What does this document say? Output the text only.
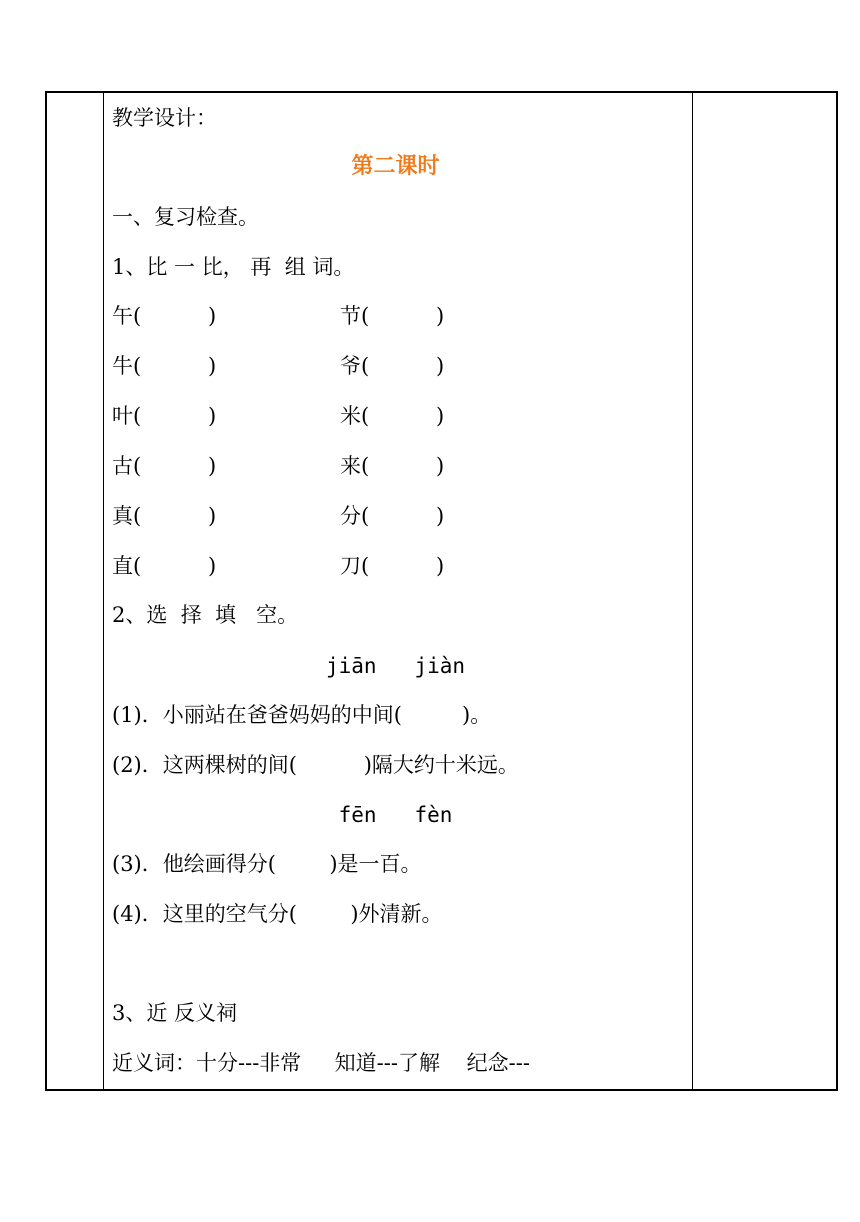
教学设计：
第二课时
一、复习检查。
1、比 一 比， 再  组 词。
午(          )	节(          )
牛(          )	爷(          )
叶(          )	米(          )
古(          )	来(          )
真(          )	分(          )
直(          )	刀(          )
2、选  择  填   空。
jiān   jiàn
(1)．小丽站在爸爸妈妈的中间(         )。
(2)．这两棵树的间(          )隔大约十米远。
fēn   fèn
(3)．他绘画得分(        )是一百。
(4)．这里的空气分(        )外清新。
3、近 反义祠
近义词：十分---非常     知道---了解    纪念---
